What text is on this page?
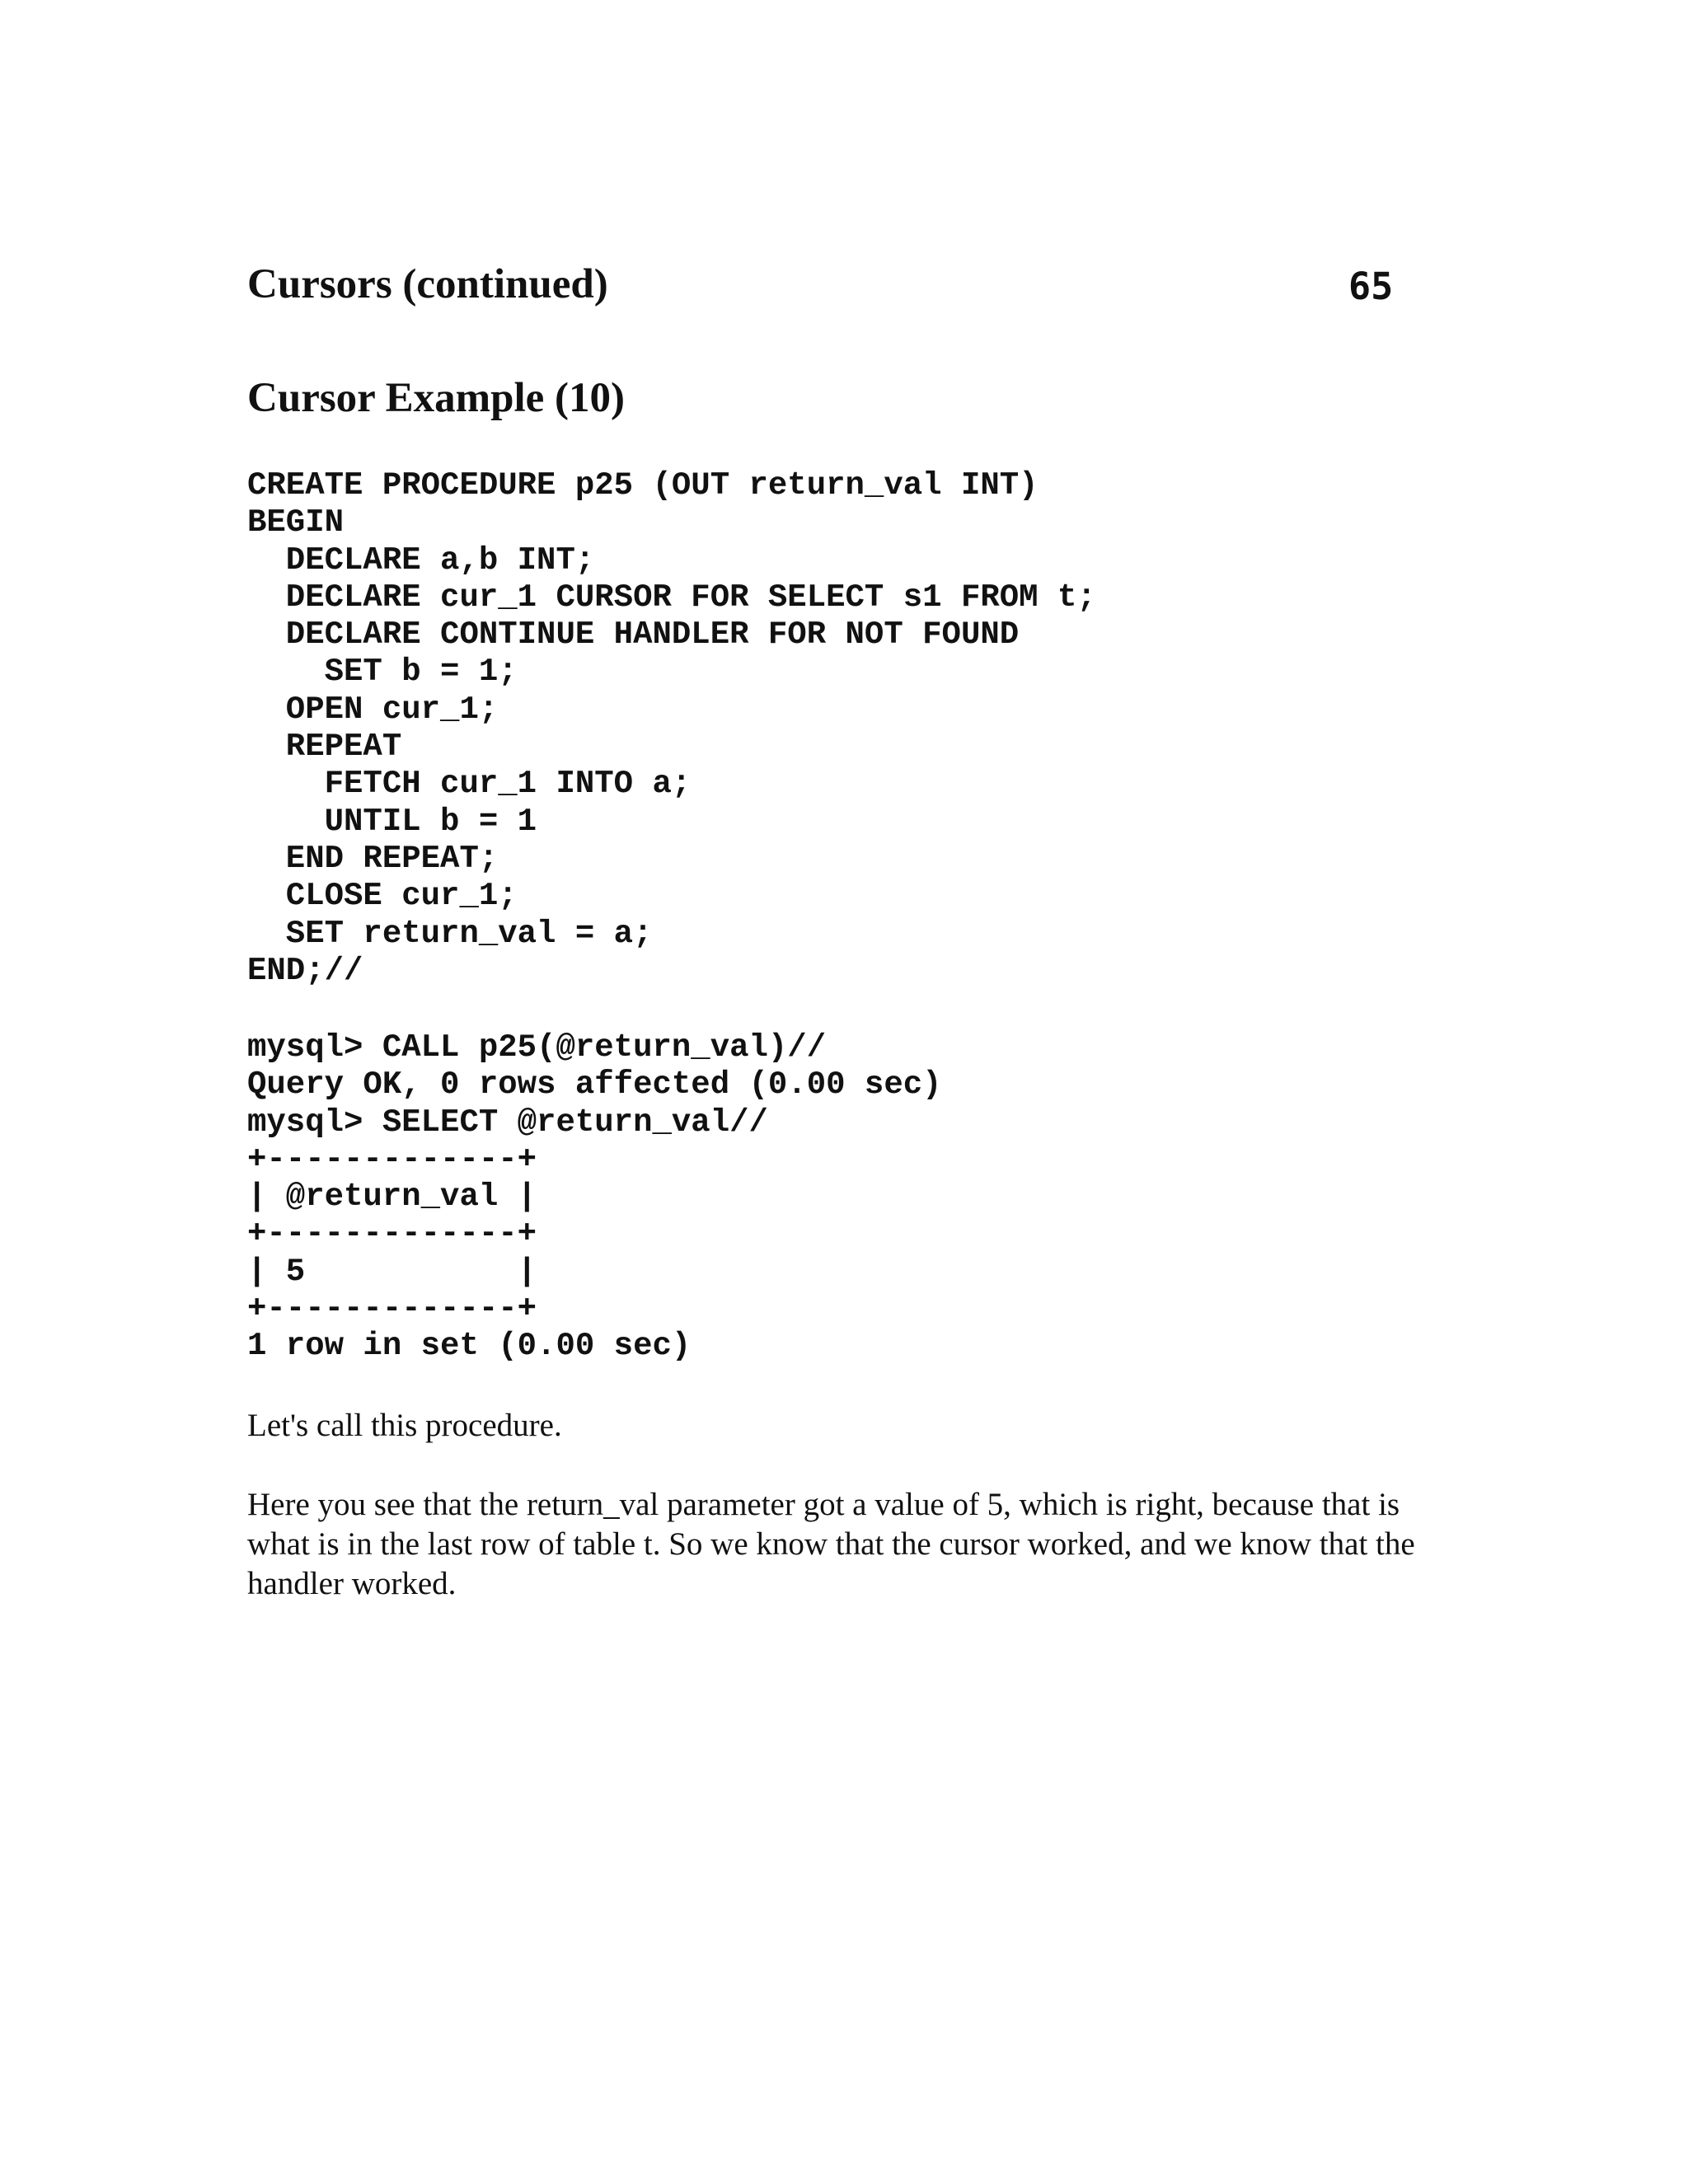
Cursors (continued)	65
Cursor Example (10)
CREATE PROCEDURE p25 (OUT return_val INT)
BEGIN
DECLARE a,b INT;
DECLARE cur_1 CURSOR FOR SELECT s1 FROM t;
DECLARE CONTINUE HANDLER FOR NOT FOUND
SET b = 1;
OPEN cur_1;
REPEAT
FETCH cur_1 INTO a;
UNTIL b = 1
END REPEAT;
CLOSE cur_1;
SET return_val = a;
END;//
mysql> CALL p25(@return_val)//
Query OK, 0 rows affected (0.00 sec)
mysql> SELECT @return_val//
+-------------+
| @return_val |
+-------------+
| 5           |
+-------------+
1 row in set (0.00 sec)

Let's call this procedure.

Here you see that the return_val parameter got a value of 5, which is right, because that is what is in the last row of table t. So we know that the cursor worked, and we know that the handler worked.
